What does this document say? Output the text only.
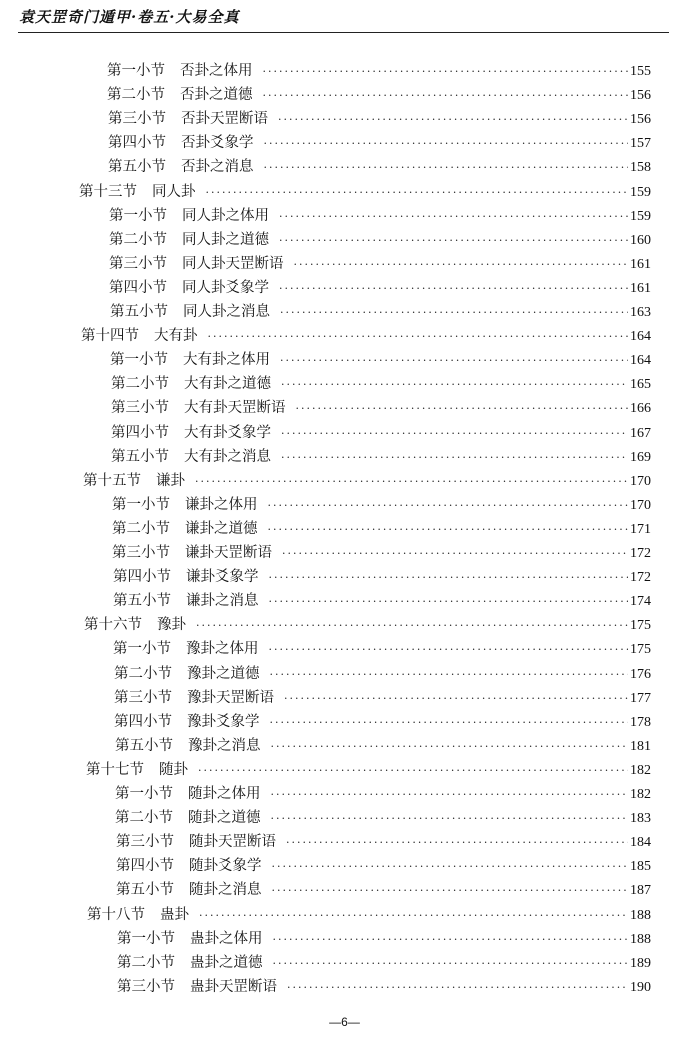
袁天罡奇门遁甲·卷五·大易全真
第一小节 否卦之体用 ·····	155
第二小节 否卦之道德 ·····	156
第三小节 否卦天罡断语 ·····	156
第四小节 否卦爻象学 ·····	157
第五小节 否卦之消息 ·····	158
第十三节 同人卦 ·····	159
第一小节 同人卦之体用 ·····	159
第二小节 同人卦之道德 ·····	160
第三小节 同人卦天罡断语 ·····	161
第四小节 同人卦爻象学 ·····	161
第五小节 同人卦之消息 ·····	163
第十四节 大有卦 ·····	164
第一小节 大有卦之体用 ·····	164
第二小节 大有卦之道德 ·····	165
第三小节 大有卦天罡断语 ·····	166
第四小节 大有卦爻象学 ·····	167
第五小节 大有卦之消息 ·····	169
第十五节 谦卦 ·····	170
第一小节 谦卦之体用 ·····	170
第二小节 谦卦之道德 ·····	171
第三小节 谦卦天罡断语 ·····	172
第四小节 谦卦爻象学 ·····	172
第五小节 谦卦之消息 ·····	174
第十六节 豫卦 ·····	175
第一小节 豫卦之体用 ·····	175
第二小节 豫卦之道德 ·····	176
第三小节 豫卦天罡断语 ·····	177
第四小节 豫卦爻象学 ·····	178
第五小节 豫卦之消息 ·····	181
第十七节 随卦 ·····	182
第一小节 随卦之体用 ·····	182
第二小节 随卦之道德 ·····	183
第三小节 随卦天罡断语 ·····	184
第四小节 随卦爻象学 ·····	185
第五小节 随卦之消息 ·····	187
第十八节 蛊卦 ·····	188
第一小节 蛊卦之体用 ·····	188
第二小节 蛊卦之道德 ·····	189
第三小节 蛊卦天罡断语 ·····	190
—6—
